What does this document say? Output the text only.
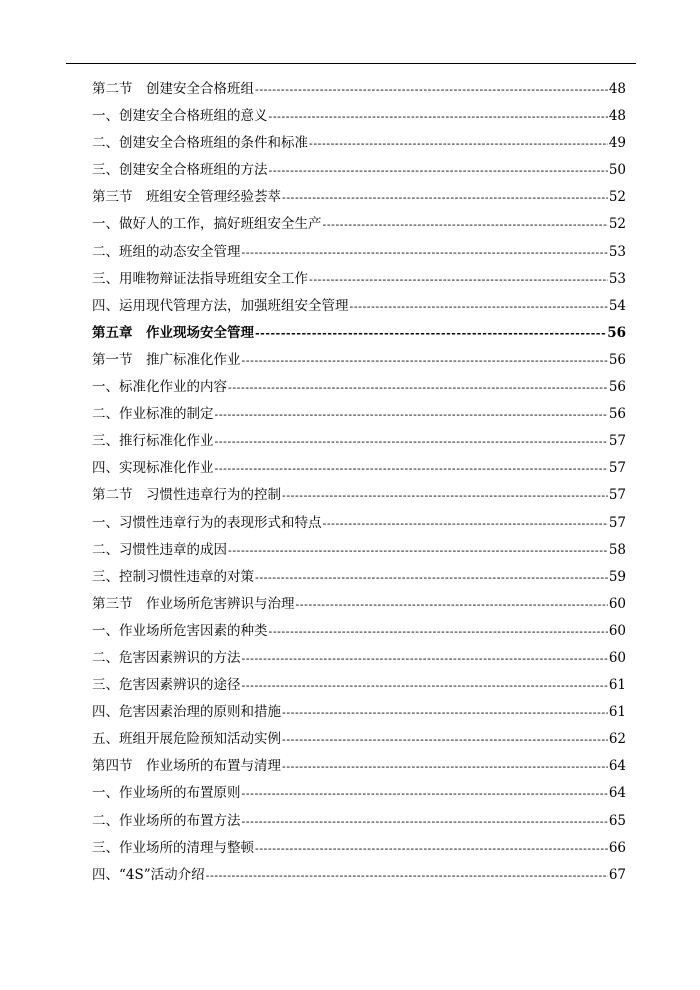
第二节　创建安全合格班组 -----	48
一、创建安全合格班组的意义 -----	48
二、创建安全合格班组的条件和标准 -----	49
三、创建安全合格班组的方法 -----	50
第三节　班组安全管理经验荟萃 -----	52
一、做好人的工作，搞好班组安全生产 -----	52
二、班组的动态安全管理 -----	53
三、用唯物辩证法指导班组安全工作 -----	53
四、运用现代管理方法，加强班组安全管理 -----	54
第五章　作业现场安全管理 -----	56
第一节　推广标准化作业 -----	56
一、标准化作业的内容 -----	56
二、作业标准的制定 -----	56
三、推行标准化作业 -----	57
四、实现标准化作业 -----	57
第二节　习惯性违章行为的控制 -----	57
一、习惯性违章行为的表现形式和特点 -----	57
二、习惯性违章的成因 -----	58
三、控制习惯性违章的对策 -----	59
第三节　作业场所危害辨识与治理 -----	60
一、作业场所危害因素的种类 -----	60
二、危害因素辨识的方法 -----	60
三、危害因素辨识的途径 -----	61
四、危害因素治理的原则和措施 -----	61
五、班组开展危险预知活动实例 -----	62
第四节　作业场所的布置与清理 -----	64
一、作业场所的布置原则 -----	64
二、作业场所的布置方法 -----	65
三、作业场所的清理与整顿 -----	66
四、“4S”活动介绍 -----	67
